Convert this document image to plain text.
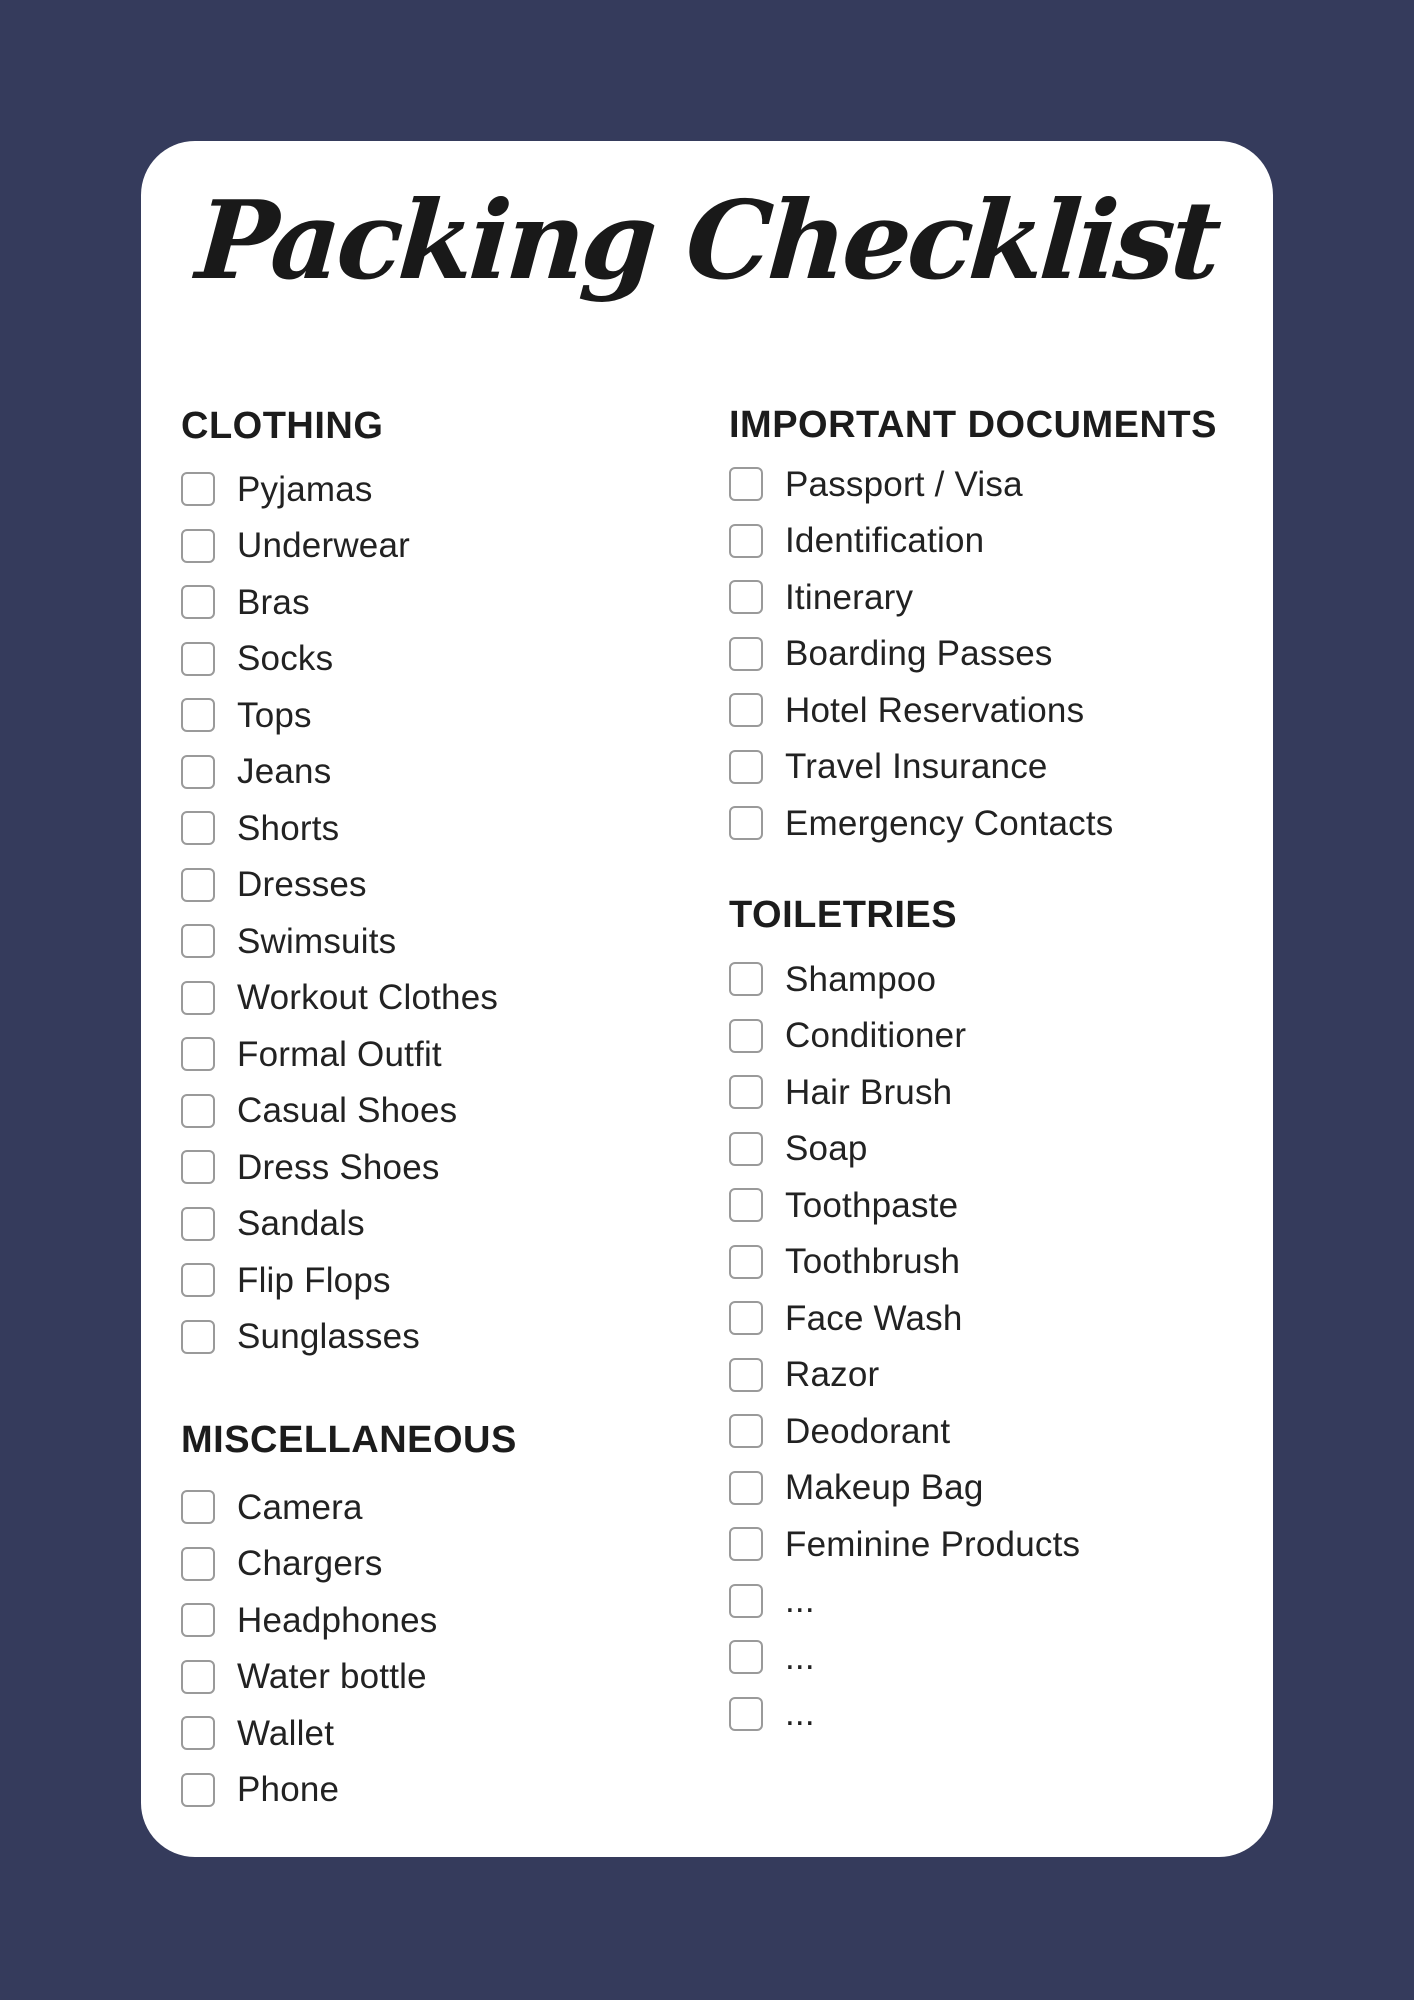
Packing Checklist
CLOTHING
Pyjamas
Underwear
Bras
Socks
Tops
Jeans
Shorts
Dresses
Swimsuits
Workout Clothes
Formal Outfit
Casual Shoes
Dress Shoes
Sandals
Flip Flops
Sunglasses
MISCELLANEOUS
Camera
Chargers
Headphones
Water bottle
Wallet
Phone
IMPORTANT DOCUMENTS
Passport / Visa
Identification
Itinerary
Boarding Passes
Hotel Reservations
Travel Insurance
Emergency Contacts
TOILETRIES
Shampoo
Conditioner
Hair Brush
Soap
Toothpaste
Toothbrush
Face Wash
Razor
Deodorant
Makeup Bag
Feminine Products
...
...
...
